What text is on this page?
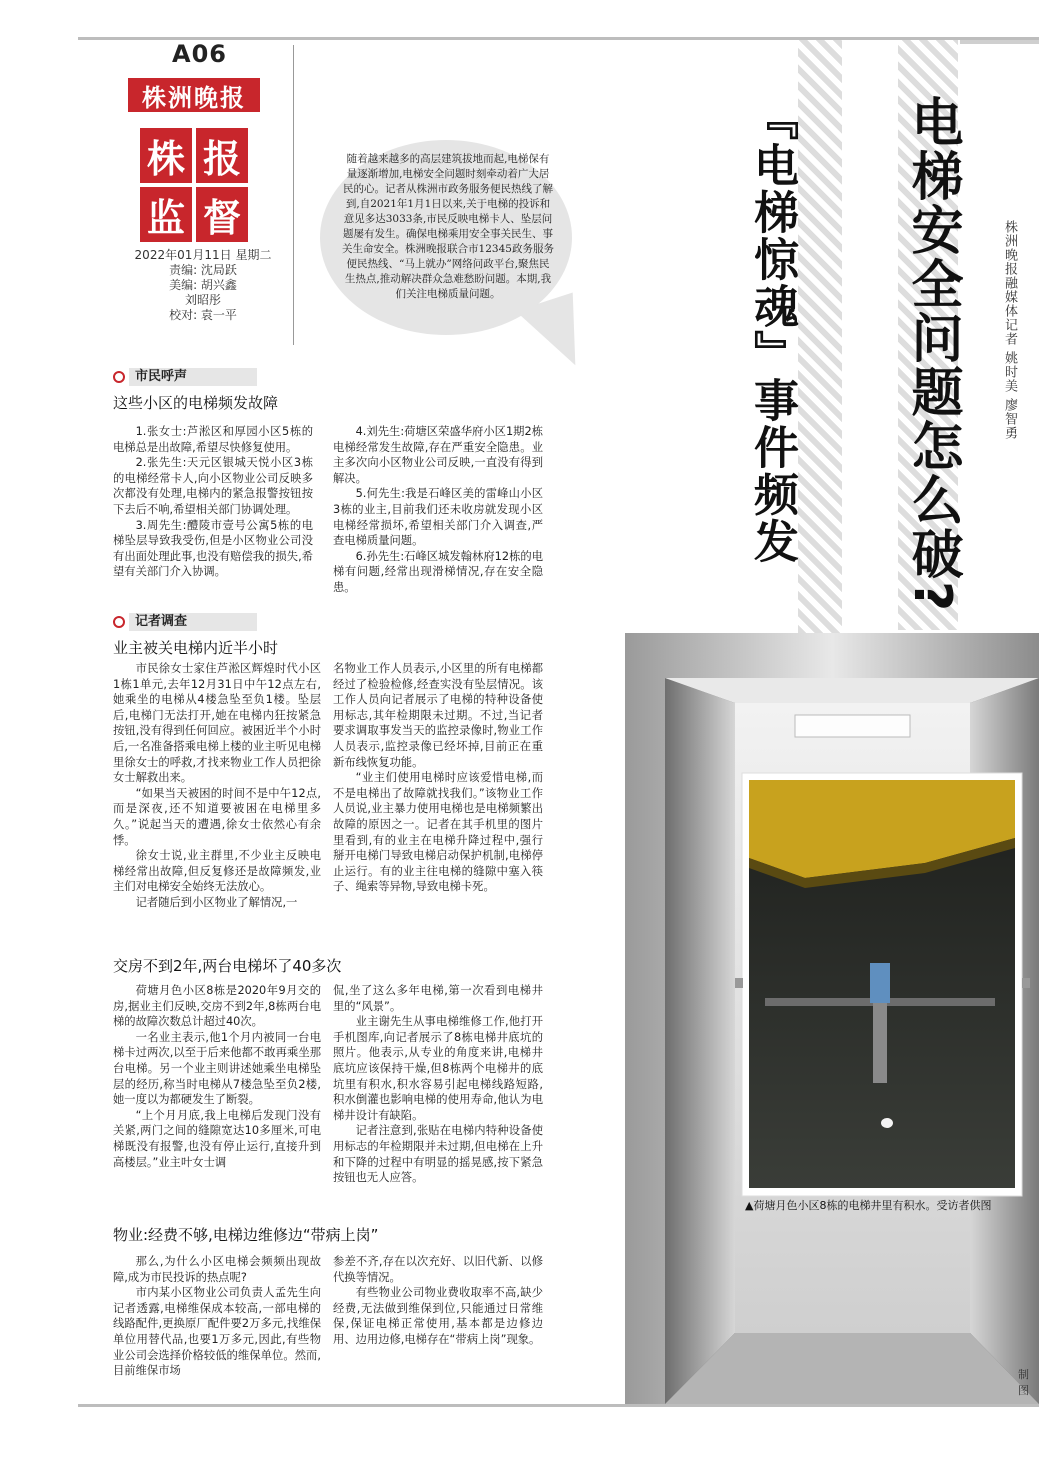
A06
株洲晚报
株 报
监 督
2022年01月11日 星期二
责编: 沈局跃
美编: 胡兴鑫
刘昭彤
校对: 袁一平
随着越来越多的高层建筑拔地而起,电梯保有量逐渐增加,电梯安全问题时刻牵动着广大居民的心。记者从株洲市政务服务便民热线了解到,自2021年1月1日以来,关于电梯的投诉和意见多达3033条,市民反映电梯卡人、坠层问题屡有发生。确保电梯乘用安全事关民生、事关生命安全。株洲晚报联合市12345政务服务便民热线、“马上就办”网络问政平台,聚焦民生热点,推动解决群众急难愁盼问题。本期,我们关注电梯质量问题。	『电梯惊魂』事件频发 电梯安全问题怎么破?	株洲晚报融媒体记者 姚时美 廖智勇
市民呼声
这些小区的电梯频发故障

1.张女士:芦淞区和厚园小区5栋的电梯总是出故障,希望尽快修复使用。

2.张先生:天元区银城天悦小区3栋的电梯经常卡人,向小区物业公司反映多次都没有处理,电梯内的紧急报警按钮按下去后不响,希望相关部门协调处理。

3.周先生:醴陵市壹号公寓5栋的电梯坠层导致我受伤,但是小区物业公司没有出面处理此事,也没有赔偿我的损失,希望有关部门介入协调。

4.刘先生:荷塘区荣盛华府小区1期2栋电梯经常发生故障,存在严重安全隐患。业主多次向小区物业公司反映,一直没有得到解决。

5.何先生:我是石峰区美的雷峰山小区3栋的业主,目前我们还未收房就发现小区电梯经常损坏,希望相关部门介入调查,严查电梯质量问题。

6.孙先生:石峰区城发翰林府12栋的电梯有问题,经常出现滑梯情况,存在安全隐患。

记者调查
业主被关电梯内近半小时

市民徐女士家住芦淞区辉煌时代小区1栋1单元,去年12月31日中午12点左右,她乘坐的电梯从4楼急坠至负1楼。坠层后,电梯门无法打开,她在电梯内狂按紧急按钮,没有得到任何回应。被困近半个小时后,一名准备搭乘电梯上楼的业主听见电梯里徐女士的呼救,才找来物业工作人员把徐女士解救出来。

“如果当天被困的时间不是中午12点,而是深夜,还不知道要被困在电梯里多久。”说起当天的遭遇,徐女士依然心有余悸。

徐女士说,业主群里,不少业主反映电梯经常出故障,但反复修还是故障频发,业主们对电梯安全始终无法放心。

记者随后到小区物业了解情况,一

名物业工作人员表示,小区里的所有电梯都经过了检验检修,经查实没有坠层情况。该工作人员向记者展示了电梯的特种设备使用标志,其年检期限未过期。不过,当记者要求调取事发当天的监控录像时,物业工作人员表示,监控录像已经坏掉,目前正在重新布线恢复功能。

“业主们使用电梯时应该爱惜电梯,而不是电梯出了故障就找我们。”该物业工作人员说,业主暴力使用电梯也是电梯频繁出故障的原因之一。记者在其手机里的图片里看到,有的业主在电梯升降过程中,强行掰开电梯门导致电梯启动保护机制,电梯停止运行。有的业主往电梯的缝隙中塞入筷子、绳索等异物,导致电梯卡死。

交房不到2年,两台电梯坏了40多次

荷塘月色小区8栋是2020年9月交的房,据业主们反映,交房不到2年,8栋两台电梯的故障次数总计超过40次。

一名业主表示,他1个月内被同一台电梯卡过两次,以至于后来他都不敢再乘坐那台电梯。另一个业主则讲述她乘坐电梯坠层的经历,称当时电梯从7楼急坠至负2楼,她一度以为都硬发生了断裂。

“上个月月底,我上电梯后发现门没有关紧,两门之间的缝隙宽达10多厘米,可电梯既没有报警,也没有停止运行,直接升到高楼层。”业主叶女士调

侃,坐了这么多年电梯,第一次看到电梯井里的“风景”。

业主谢先生从事电梯维修工作,他打开手机图库,向记者展示了8栋电梯井底坑的照片。他表示,从专业的角度来讲,电梯井底坑应该保持干燥,但8栋两个电梯井的底坑里有积水,积水容易引起电梯线路短路,积水倒灌也影响电梯的使用寿命,他认为电梯井设计有缺陷。

记者注意到,张贴在电梯内特种设备使用标志的年检期限并未过期,但电梯在上升和下降的过程中有明显的摇晃感,按下紧急按钮也无人应答。

物业:经费不够,电梯边维修边“带病上岗”

那么,为什么小区电梯会频频出现故障,成为市民投诉的热点呢?

市内某小区物业公司负责人孟先生向记者透露,电梯维保成本较高,一部电梯的线路配件,更换原厂配件要2万多元,找维保单位用替代品,也要1万多元,因此,有些物业公司会选择价格较低的维保单位。然而,目前维保市场

参差不齐,存在以次充好、以旧代新、以修代换等情况。

有些物业公司物业费收取率不高,缺少经费,无法做到维保到位,只能通过日常维保,保证电梯正常使用,基本都是边修边用、边用边修,电梯存在“带病上岗”现象。

▲荷塘月色小区8栋的电梯井里有积水。受访者供图
制图
